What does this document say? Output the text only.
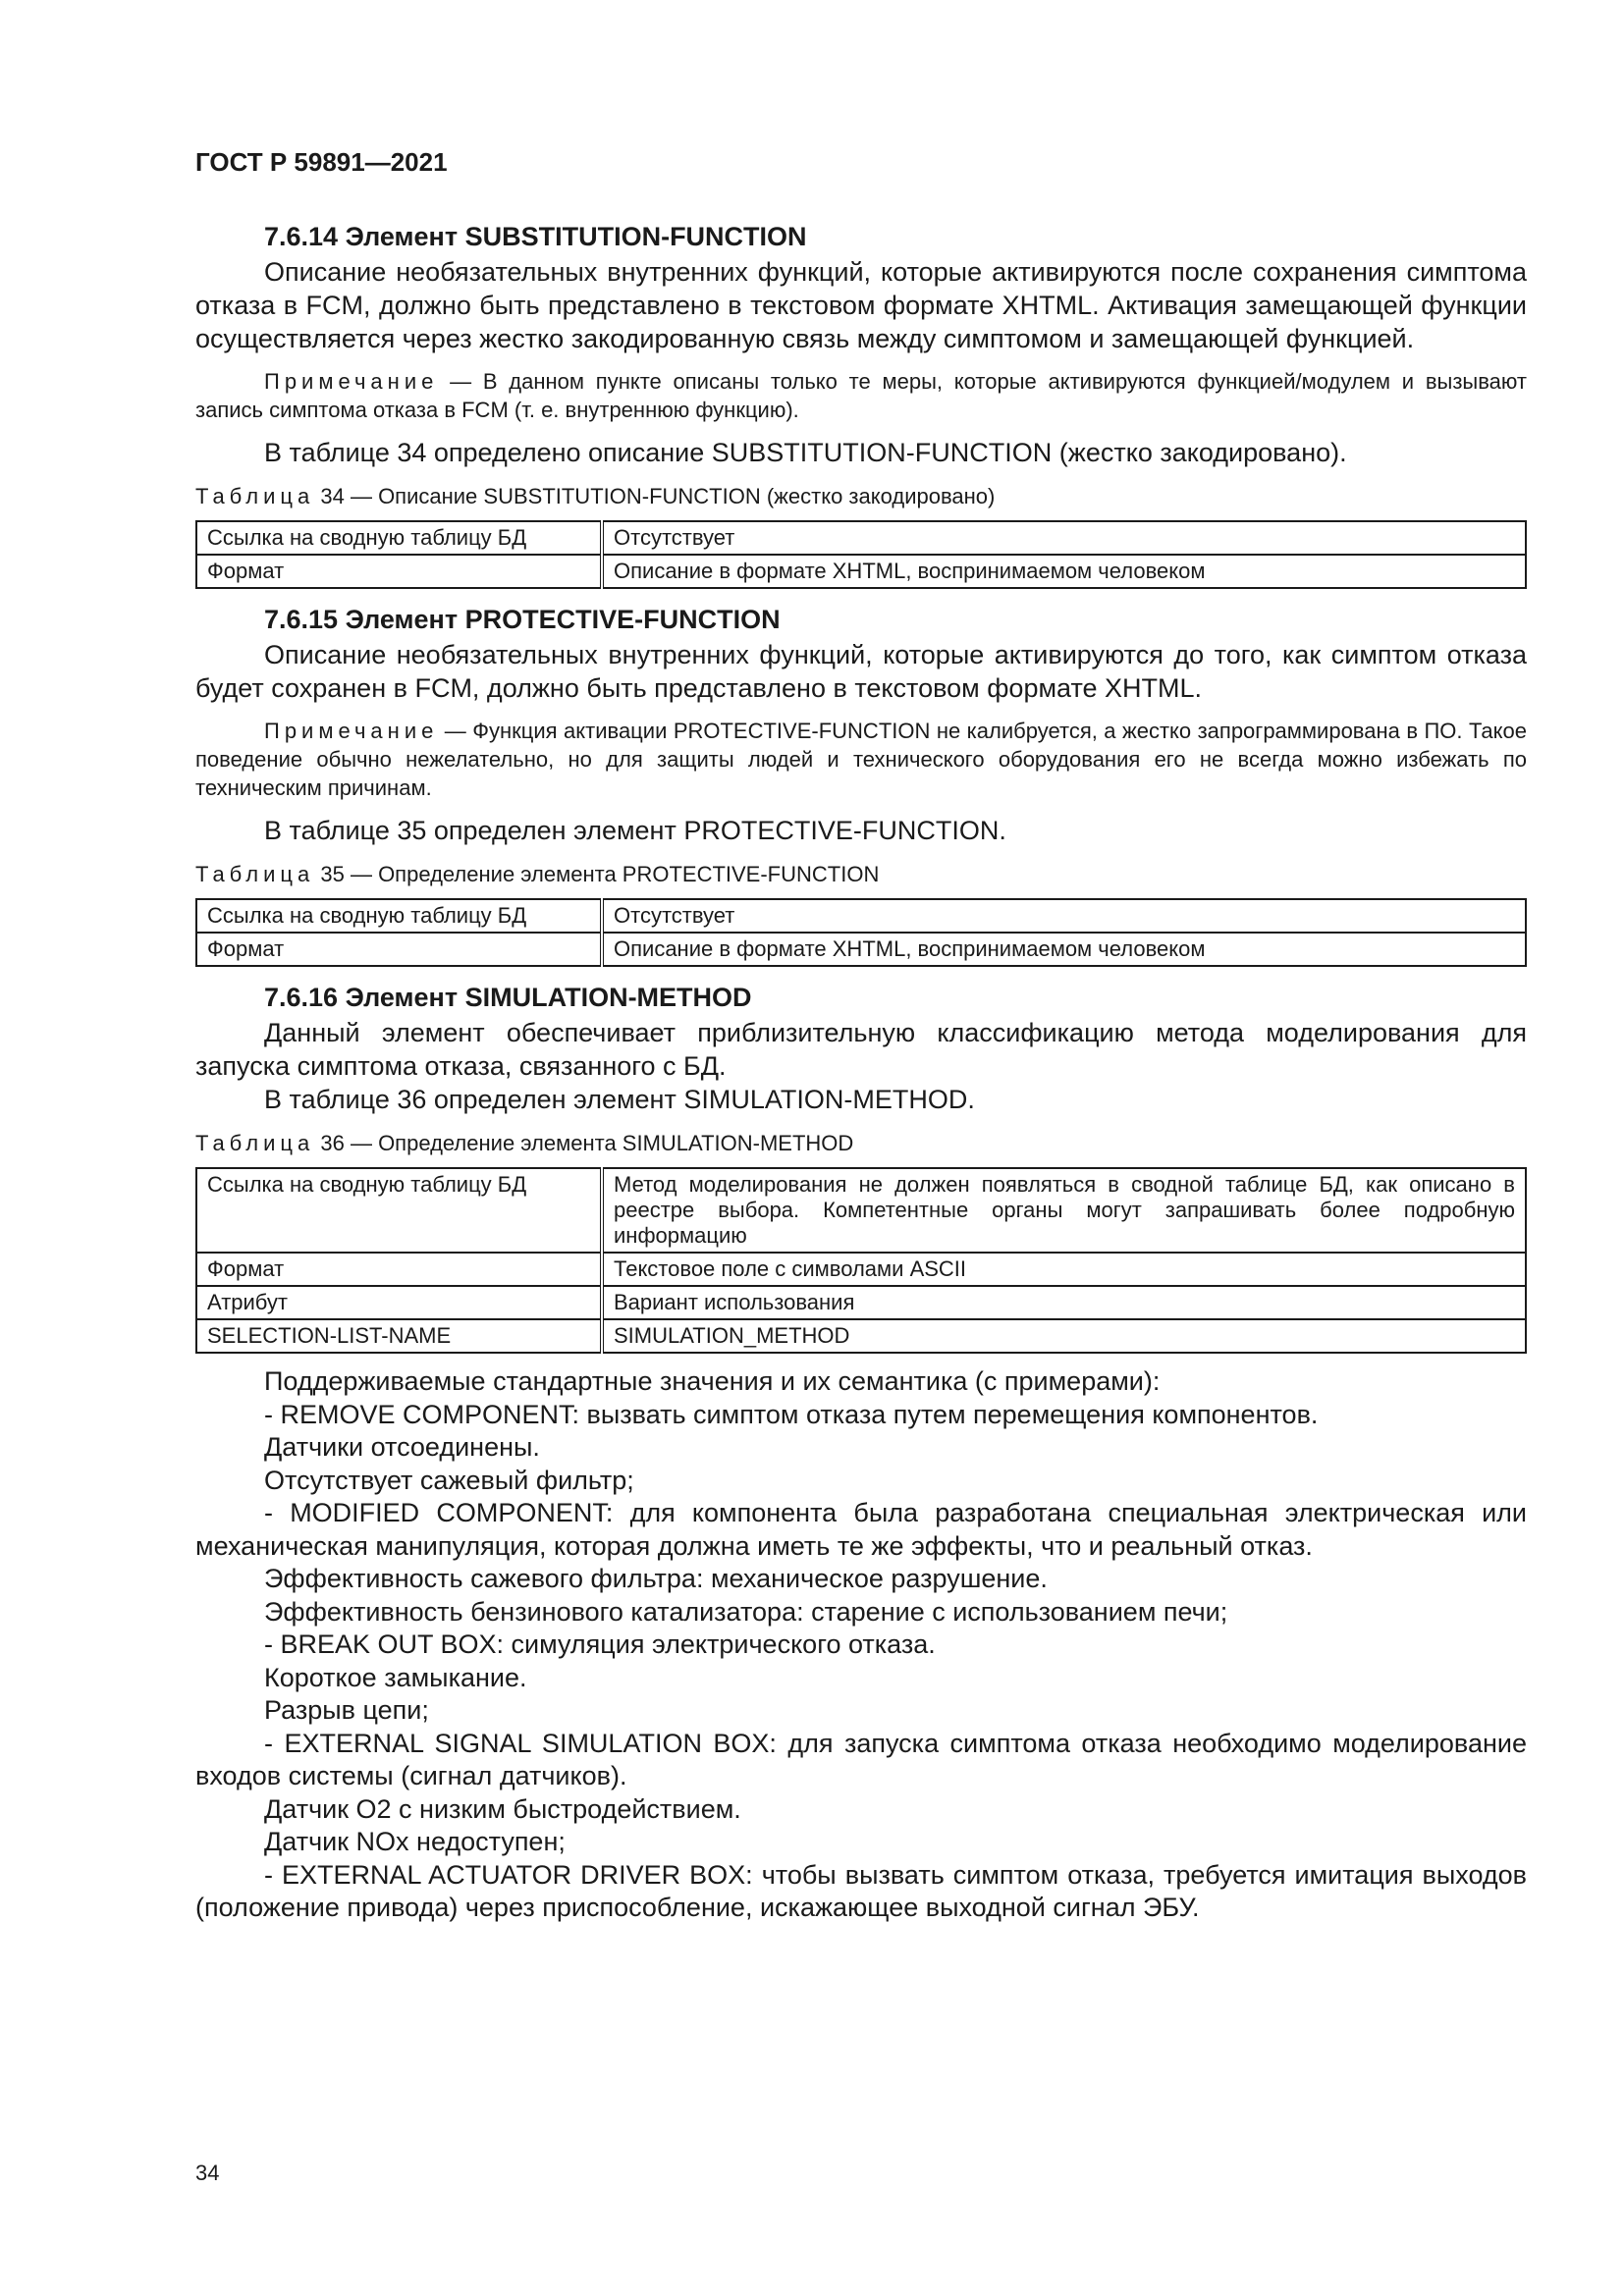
ГОСТ Р 59891—2021
7.6.14 Элемент SUBSTITUTION-FUNCTION

Описание необязательных внутренних функций, которые активируются после сохранения симптома отказа в FCM, должно быть представлено в текстовом формате XHTML. Активация замещающей функции осуществляется через жестко закодированную связь между симптомом и замещающей функцией.

Примечание — В данном пункте описаны только те меры, которые активируются функцией/модулем и вызывают запись симптома отказа в FCM (т. е. внутреннюю функцию).

В таблице 34 определено описание SUBSTITUTION-FUNCTION (жестко закодировано).

Таблица 34 — Описание SUBSTITUTION-FUNCTION (жестко закодировано)
Ссылка на сводную таблицу БД	Отсутствует
Формат	Описание в формате XHTML, воспринимаемом человеком
7.6.15 Элемент PROTECTIVE-FUNCTION

Описание необязательных внутренних функций, которые активируются до того, как симптом отказа будет сохранен в FCM, должно быть представлено в текстовом формате XHTML.

Примечание — Функция активации PROTECTIVE-FUNCTION не калибруется, а жестко запрограммирована в ПО. Такое поведение обычно нежелательно, но для защиты людей и технического оборудования его не всегда можно избежать по техническим причинам.

В таблице 35 определен элемент PROTECTIVE-FUNCTION.

Таблица 35 — Определение элемента PROTECTIVE-FUNCTION
Ссылка на сводную таблицу БД	Отсутствует
Формат	Описание в формате XHTML, воспринимаемом человеком
7.6.16 Элемент SIMULATION-METHOD

Данный элемент обеспечивает приблизительную классификацию метода моделирования для запуска симптома отказа, связанного с БД.

В таблице 36 определен элемент SIMULATION-METHOD.

Таблица 36 — Определение элемента SIMULATION-METHOD
Ссылка на сводную таблицу БД	Метод моделирования не должен появляться в сводной таблице БД, как описано в реестре выбора. Компетентные органы могут запрашивать более подробную информацию
Формат	Текстовое поле с символами ASCII
Атрибут	Вариант использования
SELECTION-LIST-NAME	SIMULATION_METHOD

Поддерживаемые стандартные значения и их семантика (с примерами):

- REMOVE COMPONENT: вызвать симптом отказа путем перемещения компонентов.

Датчики отсоединены.

Отсутствует сажевый фильтр;

- MODIFIED COMPONENT: для компонента была разработана специальная электрическая или механическая манипуляция, которая должна иметь те же эффекты, что и реальный отказ.

Эффективность сажевого фильтра: механическое разрушение.

Эффективность бензинового катализатора: старение с использованием печи;

- BREAK OUT BOX: симуляция электрического отказа.

Короткое замыкание.

Разрыв цепи;

- EXTERNAL SIGNAL SIMULATION BOX: для запуска симптома отказа необходимо моделирование входов системы (сигнал датчиков).

Датчик O2 с низким быстродействием.

Датчик NOx недоступен;

- EXTERNAL ACTUATOR DRIVER BOX: чтобы вызвать симптом отказа, требуется имитация выходов (положение привода) через приспособление, искажающее выходной сигнал ЭБУ.

34
